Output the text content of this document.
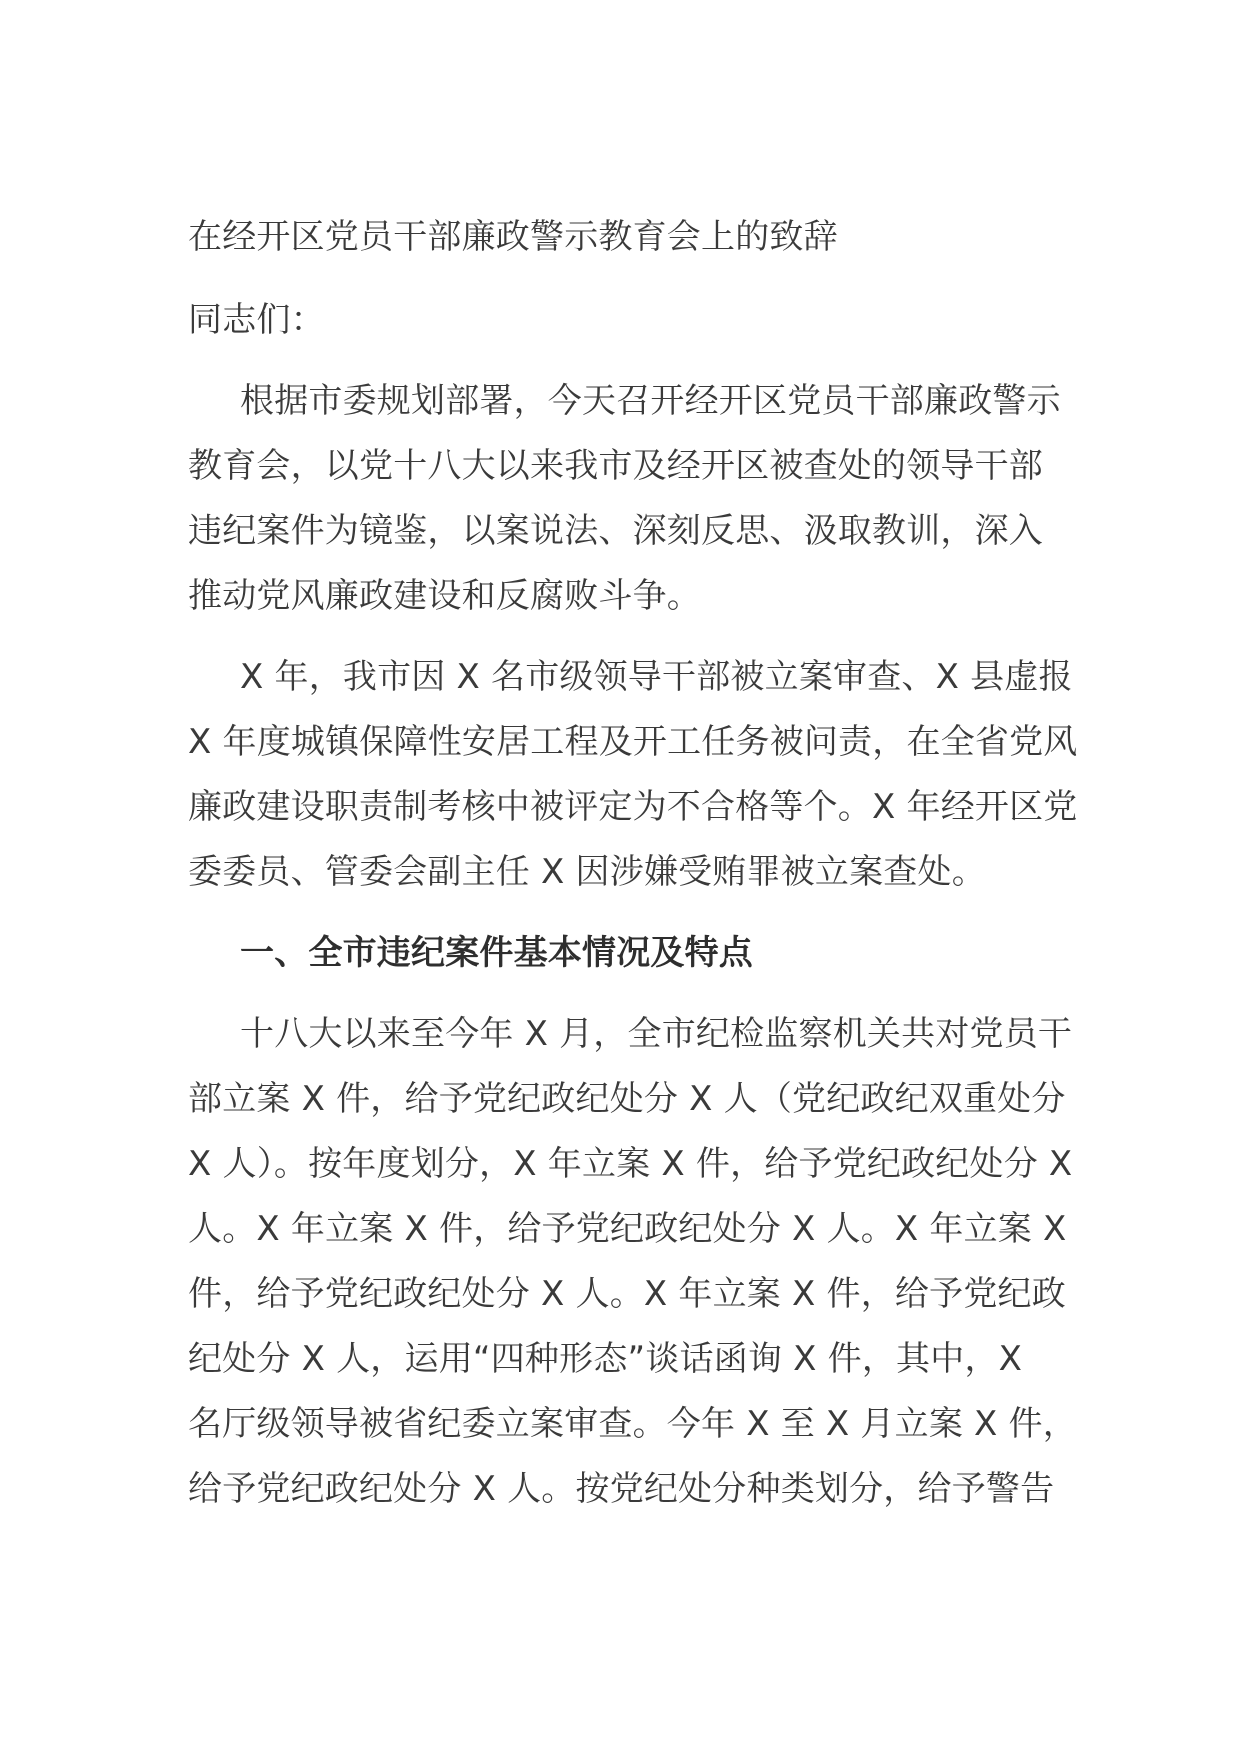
在经开区党员干部廉政警示教育会上的致辞

同志们：

根据市委规划部署，今天召开经开区党员干部廉政警示

教育会，以党十八大以来我市及经开区被查处的领导干部

违纪案件为镜鉴，以案说法、深刻反思、汲取教训，深入

推动党风廉政建设和反腐败斗争。

X 年，我市因 X 名市级领导干部被立案审查、X 县虚报

X 年度城镇保障性安居工程及开工任务被问责，在全省党风

廉政建设职责制考核中被评定为不合格等个。X 年经开区党

委委员、管委会副主任 X 因涉嫌受贿罪被立案查处。

一、全市违纪案件基本情况及特点

十八大以来至今年 X 月，全市纪检监察机关共对党员干

部立案 X 件，给予党纪政纪处分 X 人（党纪政纪双重处分

X 人）。按年度划分，X 年立案 X 件，给予党纪政纪处分 X

人。X 年立案 X 件，给予党纪政纪处分 X 人。X 年立案 X

件，给予党纪政纪处分 X 人。X 年立案 X 件，给予党纪政

纪处分 X 人，运用“四种形态”谈话函询 X 件，其中，X

名厅级领导被省纪委立案审查。今年 X 至 X 月立案 X 件，

给予党纪政纪处分 X 人。按党纪处分种类划分，给予警告
